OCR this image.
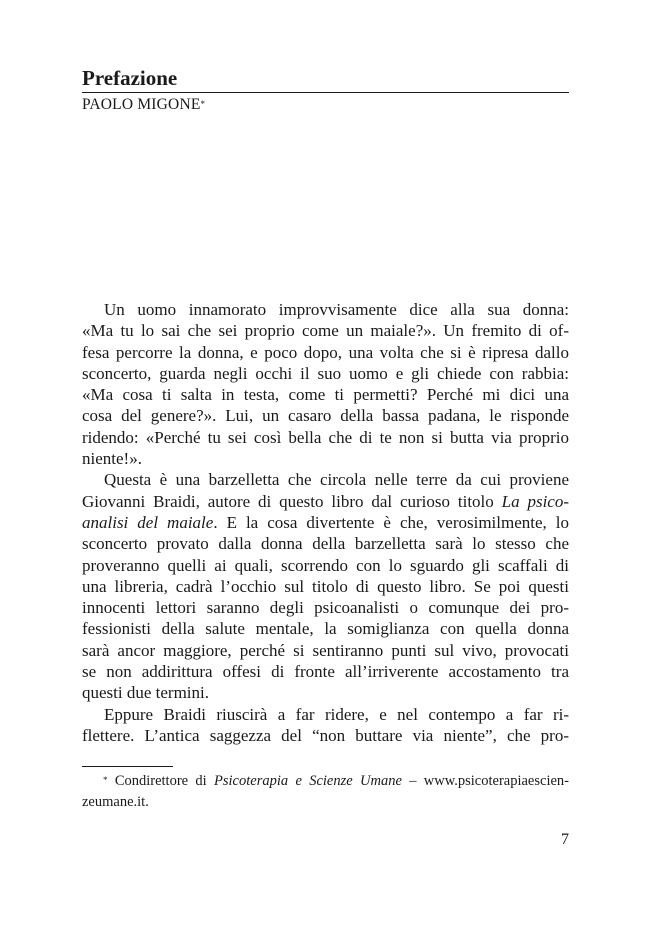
Prefazione
PAOLO MIGONE*

Un uomo innamorato improvvisamente dice alla sua donna:
«Ma tu lo sai che sei proprio come un maiale?». Un fremito di of-
fesa percorre la donna, e poco dopo, una volta che si è ripresa dallo
sconcerto, guarda negli occhi il suo uomo e gli chiede con rabbia:
«Ma cosa ti salta in testa, come ti permetti? Perché mi dici una
cosa del genere?». Lui, un casaro della bassa padana, le risponde
ridendo: «Perché tu sei così bella che di te non si butta via proprio
niente!».

Questa è una barzelletta che circola nelle terre da cui proviene
Giovanni Braidi, autore di questo libro dal curioso titolo La psico-
analisi del maiale. E la cosa divertente è che, verosimilmente, lo
sconcerto provato dalla donna della barzelletta sarà lo stesso che
proveranno quelli ai quali, scorrendo con lo sguardo gli scaffali di
una libreria, cadrà l’occhio sul titolo di questo libro. Se poi questi
innocenti lettori saranno degli psicoanalisti o comunque dei pro-
fessionisti della salute mentale, la somiglianza con quella donna
sarà ancor maggiore, perché si sentiranno punti sul vivo, provocati
se non addirittura offesi di fronte all’irriverente accostamento tra
questi due termini.

Eppure Braidi riuscirà a far ridere, e nel contempo a far ri-
flettere. L’antica saggezza del “non buttare via niente”, che pro-

* Condirettore di Psicoterapia e Scienze Umane – www.psicoterapiaescien-
zeumane.it.
7
